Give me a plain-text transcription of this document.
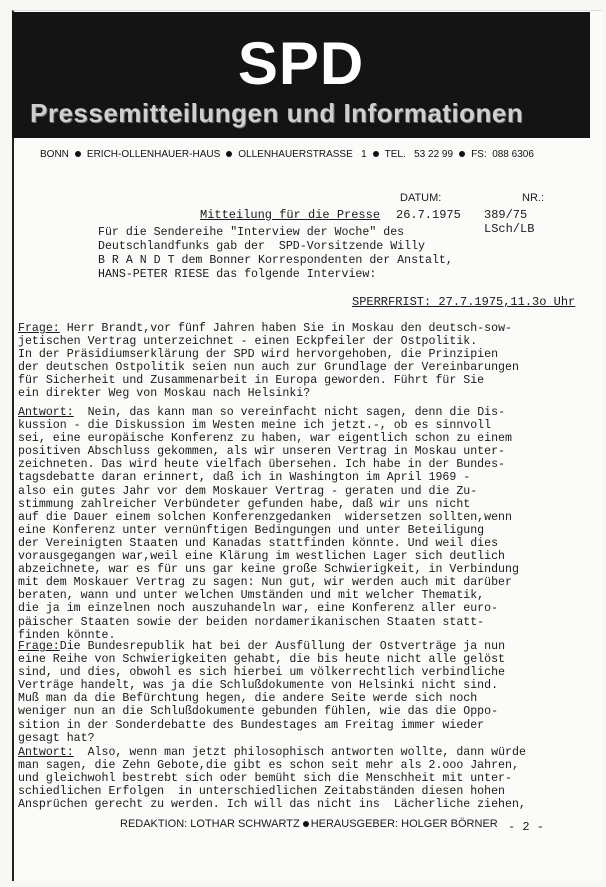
SPD
Pressemitteilungen und Informationen
BONN ERICH-OLLENHAUER-HAUS OLLENHAUERSTRASSE 1 TEL. 53 22 99 FS: 088 6306
DATUM:	NR.:
Mitteilung für die Presse 26.7.1975 389/75
LSch/LB
Für die Sendereihe "Interview der Woche" des
Deutschlandfunks gab der  SPD-Vorsitzende Willy
B R A N D T dem Bonner Korrespondenten der Anstalt,
HANS-PETER RIESE das folgende Interview:
SPERRFRIST: 27.7.1975,11.3o Uhr
Frage: Herr Brandt,vor fünf Jahren haben Sie in Moskau den deutsch-sow-
jetischen Vertrag unterzeichnet - einen Eckpfeiler der Ostpolitik.
In der Präsidiumserklärung der SPD wird hervorgehoben, die Prinzipien
der deutschen Ostpolitik seien nun auch zur Grundlage der Vereinbarungen
für Sicherheit und Zusammenarbeit in Europa geworden. Führt für Sie
ein direkter Weg von Moskau nach Helsinki?
Antwort:  Nein, das kann man so vereinfacht nicht sagen, denn die Dis-
kussion - die Diskussion im Westen meine ich jetzt.-, ob es sinnvoll
sei, eine europäische Konferenz zu haben, war eigentlich schon zu einem
positiven Abschluss gekommen, als wir unseren Vertrag in Moskau unter-
zeichneten. Das wird heute vielfach übersehen. Ich habe in der Bundes-
tagsdebatte daran erinnert, daß ich in Washington im April 1969 -
also ein gutes Jahr vor dem Moskauer Vertrag - geraten und die Zu-
stimmung zahlreicher Verbündeter gefunden habe, daß wir uns nicht
auf die Dauer einem solchen Konferenzgedanken  widersetzen sollten,wenn
eine Konferenz unter vernünftigen Bedingungen und unter Beteiligung
der Vereinigten Staaten und Kanadas stattfinden könnte. Und weil dies
vorausgegangen war,weil eine Klärung im westlichen Lager sich deutlich
abzeichnete, war es für uns gar keine große Schwierigkeit, in Verbindung
mit dem Moskauer Vertrag zu sagen: Nun gut, wir werden auch mit darüber
beraten, wann und unter welchen Umständen und mit welcher Thematik,
die ja im einzelnen noch auszuhandeln war, eine Konferenz aller euro-
päischer Staaten sowie der beiden nordamerikanischen Staaten statt-
finden könnte.
Frage:Die Bundesrepublik hat bei der Ausfüllung der Ostverträge ja nun
eine Reihe von Schwierigkeiten gehabt, die bis heute nicht alle gelöst
sind, und dies, obwohl es sich hierbei um völkerrechtlich verbindliche
Verträge handelt, was ja die Schlußdokumente von Helsinki nicht sind.
Muß man da die Befürchtung hegen, die andere Seite werde sich noch
weniger nun an die Schlußdokumente gebunden fühlen, wie das die Oppo-
sition in der Sonderdebatte des Bundestages am Freitag immer wieder
gesagt hat?
Antwort:  Also, wenn man jetzt philosophisch antworten wollte, dann würde
man sagen, die Zehn Gebote,die gibt es schon seit mehr als 2.ooo Jahren,
und gleichwohl bestrebt sich oder bemüht sich die Menschheit mit unter-
schiedlichen Erfolgen  in unterschiedlichen Zeitabständen diesen hohen
Ansprüchen gerecht zu werden. Ich will das nicht ins  Lächerliche ziehen,
REDAKTION: LOTHAR SCHWARTZ HERAUSGEBER: HOLGER BÖRNER - 2 -
